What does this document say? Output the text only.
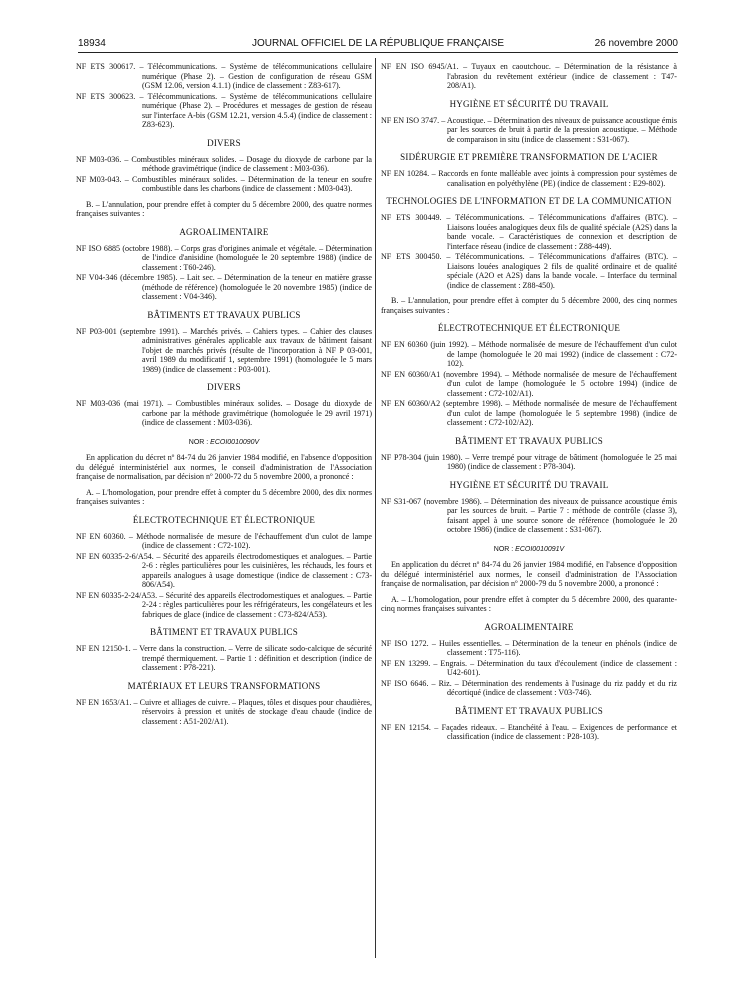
18934	JOURNAL OFFICIEL DE LA RÉPUBLIQUE FRANÇAISE	26 novembre 2000
NF ETS 300617. – Télécommunications. – Système de télécommunications cellulaire numérique (Phase 2). – Gestion de configuration de réseau GSM (GSM 12.06, version 4.1.1) (indice de classement : Z83-617).
NF ETS 300623. – Télécommunications. – Système de télécommunications cellulaire numérique (Phase 2). – Procédures et messages de gestion de réseau sur l'interface A-bis (GSM 12.21, version 4.5.4) (indice de classement : Z83-623).
DIVERS
NF M03-036. – Combustibles minéraux solides. – Dosage du dioxyde de carbone par la méthode gravimétrique (indice de classement : M03-036).
NF M03-043. – Combustibles minéraux solides. – Détermination de la teneur en soufre combustible dans les charbons (indice de classement : M03-043).
B. – L'annulation, pour prendre effet à compter du 5 décembre 2000, des quatre normes françaises suivantes :
AGROALIMENTAIRE
NF ISO 6885 (octobre 1988). – Corps gras d'origines animale et végétale. – Détermination de l'indice d'anisidine (homologuée le 20 septembre 1988) (indice de classement : T60-246).
NF V04-346 (décembre 1985). – Lait sec. – Détermination de la teneur en matière grasse (méthode de référence) (homologuée le 20 novembre 1985) (indice de classement : V04-346).
BÂTIMENTS ET TRAVAUX PUBLICS
NF P03-001 (septembre 1991). – Marchés privés. – Cahiers types. – Cahier des clauses administratives générales applicable aux travaux de bâtiment faisant l'objet de marchés privés (résulte de l'incorporation à NF P 03-001, avril 1989 du modificatif 1, septembre 1991) (homologuée le 5 mars 1989) (indice de classement : P03-001).
DIVERS
NF M03-036 (mai 1971). – Combustibles minéraux solides. – Dosage du dioxyde de carbone par la méthode gravimétrique (homologuée le 29 avril 1971) (indice de classement : M03-036).
NOR : ECOI0010090V
En application du décret nº 84-74 du 26 janvier 1984 modifié, en l'absence d'opposition du délégué interministériel aux normes, le conseil d'administration de l'Association française de normalisation, par décision nº 2000-72 du 5 novembre 2000, a prononcé :
A. – L'homologation, pour prendre effet à compter du 5 décembre 2000, des dix normes françaises suivantes :
ÉLECTROTECHNIQUE ET ÉLECTRONIQUE
NF EN 60360. – Méthode normalisée de mesure de l'échauffement d'un culot de lampe (indice de classement : C72-102).
NF EN 60335-2-6/A54. – Sécurité des appareils électrodomestiques et analogues. – Partie 2-6 : règles particulières pour les cuisinières, les réchauds, les fours et appareils analogues à usage domestique (indice de classement : C73-806/A54).
NF EN 60335-2-24/A53. – Sécurité des appareils électrodomestiques et analogues. – Partie 2-24 : règles particulières pour les réfrigérateurs, les congélateurs et les fabriques de glace (indice de classement : C73-824/A53).
BÂTIMENT ET TRAVAUX PUBLICS
NF EN 12150-1. – Verre dans la construction. – Verre de silicate sodo-calcique de sécurité trempé thermiquement. – Partie 1 : définition et description (indice de classement : P78-221).
MATÉRIAUX ET LEURS TRANSFORMATIONS
NF EN 1653/A1. – Cuivre et alliages de cuivre. – Plaques, tôles et disques pour chaudières, réservoirs à pression et unités de stockage d'eau chaude (indice de classement : A51-202/A1).
NF EN ISO 6945/A1. – Tuyaux en caoutchouc. – Détermination de la résistance à l'abrasion du revêtement extérieur (indice de classement : T47-208/A1).
HYGIÈNE ET SÉCURITÉ DU TRAVAIL
NF EN ISO 3747. – Acoustique. – Détermination des niveaux de puissance acoustique émis par les sources de bruit à partir de la pression acoustique. – Méthode de comparaison in situ (indice de classement : S31-067).
SIDÉRURGIE ET PREMIÈRE TRANSFORMATION DE L'ACIER
NF EN 10284. – Raccords en fonte malléable avec joints à compression pour systèmes de canalisation en polyéthylène (PE) (indice de classement : E29-802).
TECHNOLOGIES DE L'INFORMATION ET DE LA COMMUNICATION
NF ETS 300449. – Télécommunications. – Télécommunications d'affaires (BTC). – Liaisons louées analogiques deux fils de qualité spéciale (A2S) dans la bande vocale. – Caractéristiques de connexion et description de l'interface réseau (indice de classement : Z88-449).
NF ETS 300450. – Télécommunications. – Télécommunications d'affaires (BTC). – Liaisons louées analogiques 2 fils de qualité ordinaire et de qualité spéciale (A2O et A2S) dans la bande vocale. – Interface du terminal (indice de classement : Z88-450).
B. – L'annulation, pour prendre effet à compter du 5 décembre 2000, des cinq normes françaises suivantes :
ÉLECTROTECHNIQUE ET ÉLECTRONIQUE
NF EN 60360 (juin 1992). – Méthode normalisée de mesure de l'échauffement d'un culot de lampe (homologuée le 20 mai 1992) (indice de classement : C72-102).
NF EN 60360/A1 (novembre 1994). – Méthode normalisée de mesure de l'échauffement d'un culot de lampe (homologuée le 5 octobre 1994) (indice de classement : C72-102/A1).
NF EN 60360/A2 (septembre 1998). – Méthode normalisée de mesure de l'échauffement d'un culot de lampe (homologuée le 5 septembre 1998) (indice de classement : C72-102/A2).
BÂTIMENT ET TRAVAUX PUBLICS
NF P78-304 (juin 1980). – Verre trempé pour vitrage de bâtiment (homologuée le 25 mai 1980) (indice de classement : P78-304).
HYGIÈNE ET SÉCURITÉ DU TRAVAIL
NF S31-067 (novembre 1986). – Détermination des niveaux de puissance acoustique émis par les sources de bruit. – Partie 7 : méthode de contrôle (classe 3), faisant appel à une source sonore de référence (homologuée le 20 octobre 1986) (indice de classement : S31-067).
NOR : ECOI0010091V
En application du décret nº 84-74 du 26 janvier 1984 modifié, en l'absence d'opposition du délégué interministériel aux normes, le conseil d'administration de l'Association française de normalisation, par décision nº 2000-79 du 5 novembre 2000, a prononcé :
A. – L'homologation, pour prendre effet à compter du 5 décembre 2000, des quarante-cinq normes françaises suivantes :
AGROALIMENTAIRE
NF ISO 1272. – Huiles essentielles. – Détermination de la teneur en phénols (indice de classement : T75-116).
NF EN 13299. – Engrais. – Détermination du taux d'écoulement (indice de classement : U42-601).
NF ISO 6646. – Riz. – Détermination des rendements à l'usinage du riz paddy et du riz décortiqué (indice de classement : V03-746).
BÂTIMENT ET TRAVAUX PUBLICS
NF EN 12154. – Façades rideaux. – Etanchéité à l'eau. – Exigences de performance et classification (indice de classement : P28-103).
